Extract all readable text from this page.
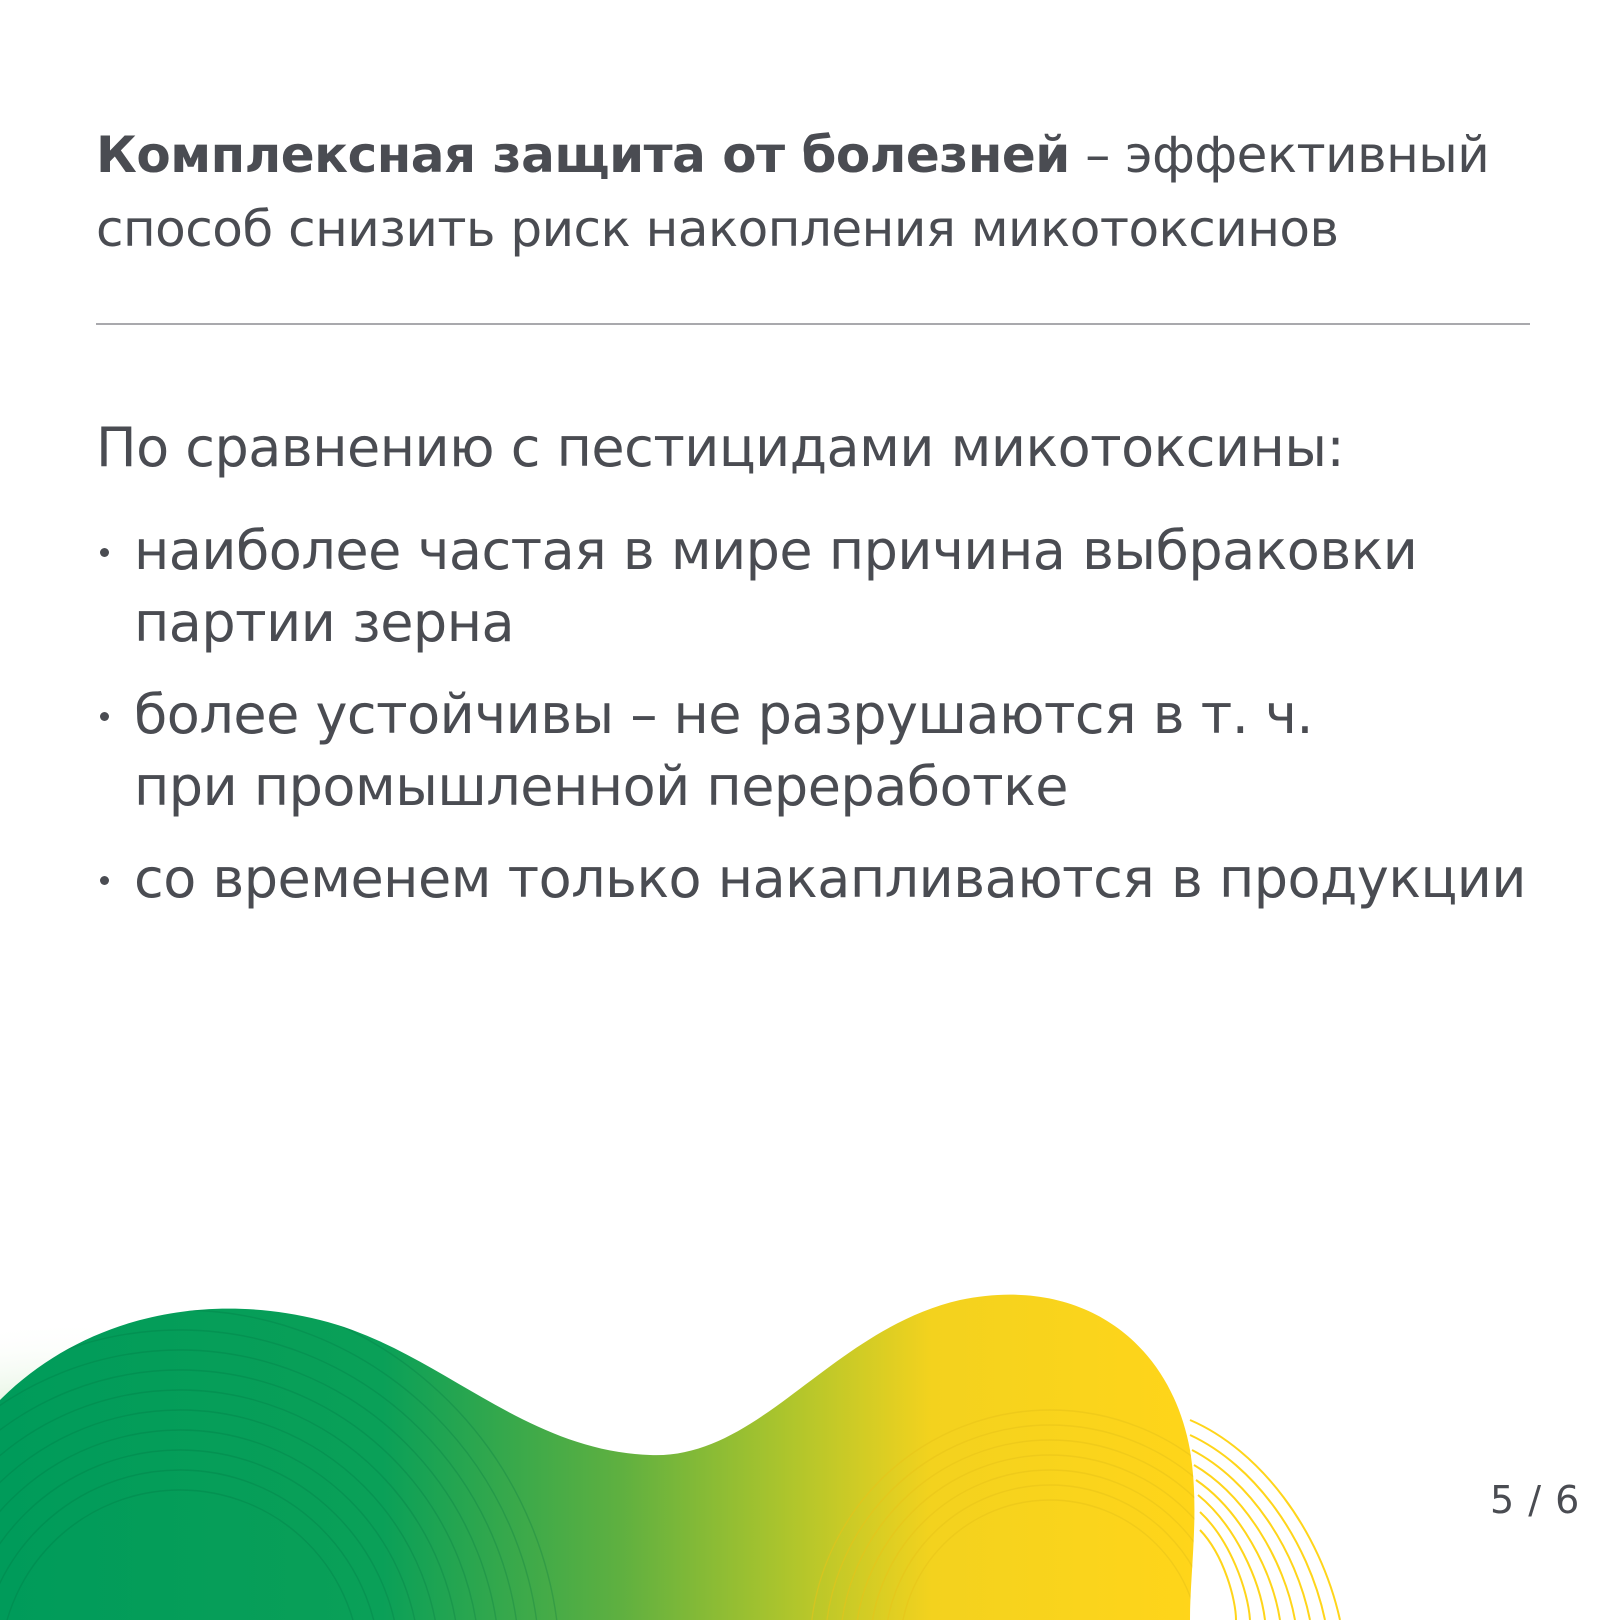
Комплексная защита от болезней – эффективный
способ снизить риск накопления микотоксинов

По сравнению с пестицидами микотоксины:

наиболее частая в мире причина выбраковки
партии зерна
более устойчивы – не разрушаются в т. ч.
при промышленной переработке
со временем только накапливаются в продукции
5 / 6
